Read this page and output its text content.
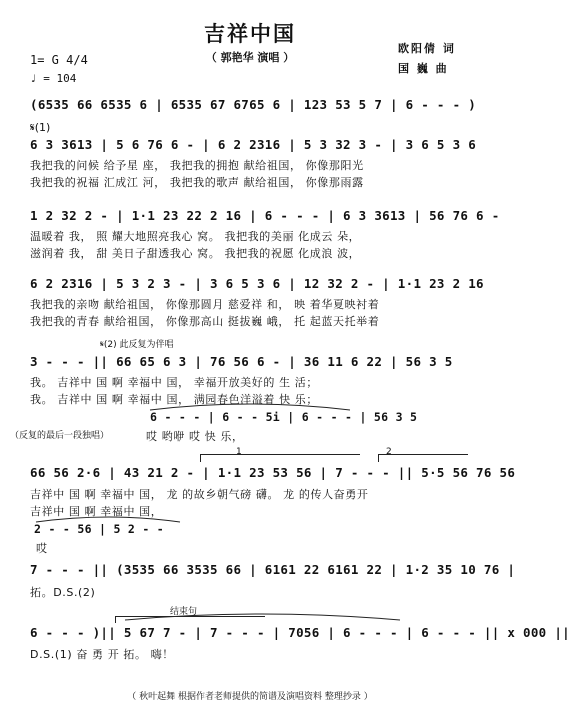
吉祥中国
（ 郭艳华 演唱 ）
欧阳倩 词
国 巍 曲
1= G 4/4
♩ = 104
(6535 66 6535 6 | 6535 67 6765 6 | 123 53 5 7 | 6 - - - )
𝄋(1)
6 3 3613 | 5 6 76 6 - | 6 2 2316 | 5 3 32 3 - | 3 6 5 3 6
我把我的问候 给予星 座， 我把我的拥抱 献给祖国， 你像那阳光
我把我的祝福 汇成江 河， 我把我的歌声 献给祖国， 你像那雨露
1 2 32 2 - | 1·1 23 22 2 16 | 6 - - - | 6 3 3613 | 56 76 6 -
温暖着 我， 照 耀大地照亮我心 窝。 我把我的美丽 化成云 朵，
滋润着 我， 甜 美日子甜透我心 窝。 我把我的祝愿 化成浪 波，
6 2 2316 | 5 3 2 3 - | 3 6 5 3 6 | 12 32 2 - | 1·1 23 2 16
我把我的亲吻 献给祖国， 你像那圆月 慈爱祥 和， 映 着华夏映衬着
我把我的青春 献给祖国， 你像那高山 挺拔巍 峨， 托 起蓝天托举着
𝄋(2) 此反复为伴唱
3 - - - || 66 65 6 3 | 76 56 6 - | 36 11 6 22 | 56 3 5
我。 吉祥中 国 啊 幸福中 国， 幸福开放美好的 生 活；
我。 吉祥中 国 啊 幸福中 国， 满园春色洋溢着 快 乐；
6 - - - | 6 - - 5i | 6 - - - | 56 3 5
（反复的最后一段独唱）	哎 哟咿 哎 快 乐，
1	2
66 56 2·6 | 43 21 2 - | 1·1 23 53 56 | 7 - - - || 5·5 56 76 56
吉祥中 国 啊 幸福中 国， 龙 的故乡朝气磅 礴。 龙 的传人奋勇开
吉祥中 国 啊 幸福中 国，
2 - - 56 | 5 2 - -
哎
7 - - - || (3535 66 3535 66 | 6161 22 6161 22 | 1·2 35 10 76 |
拓。D.S.(2)
结束句
6 - - - )|| 5 67 7 - | 7 - - - | 7056 | 6 - - - | 6 - - - || x 000 ||
D.S.(1) 奋 勇 开 拓。 嗨！
（ 秋叶起舞 根据作者老师提供的简谱及演唱资料 整理抄录 ）
